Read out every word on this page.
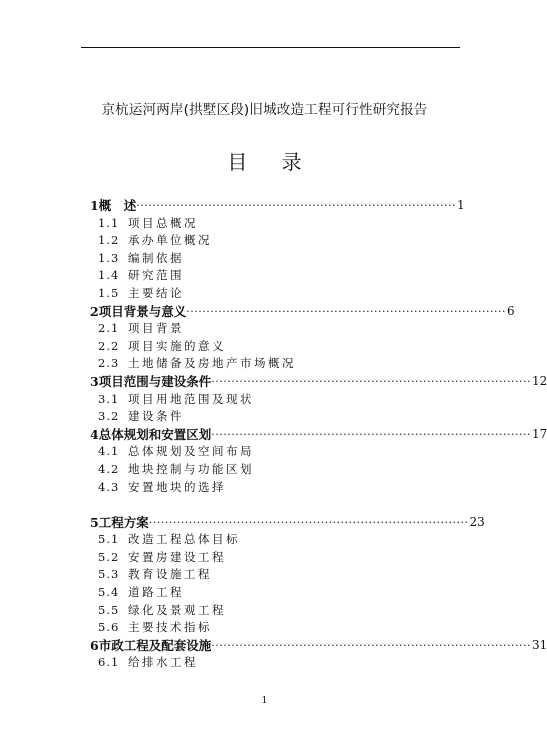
京杭运河两岸(拱墅区段)旧城改造工程可行性研究报告
目 录
1 概　述 ················································································ 1
1.1 项目总概况
1.2 承办单位概况
1.3 编制依据
1.4 研究范围
1.5 主要结论
2 项目背景与意义 ················································································ 6
2.1 项目背景
2.2 项目实施的意义
2.3 土地储备及房地产市场概况
3 项目范围与建设条件 ················································································ 12
3.1 项目用地范围及现状
3.2 建设条件
4 总体规划和安置区划 ················································································ 17
4.1 总体规划及空间布局
4.2 地块控制与功能区划
4.3 安置地块的选择
5 工程方案 ················································································ 23
5.1 改造工程总体目标
5.2 安置房建设工程
5.3 教育设施工程
5.4 道路工程
5.5 绿化及景观工程
5.6 主要技术指标
6 市政工程及配套设施 ················································································ 31
6.1 给排水工程
1
